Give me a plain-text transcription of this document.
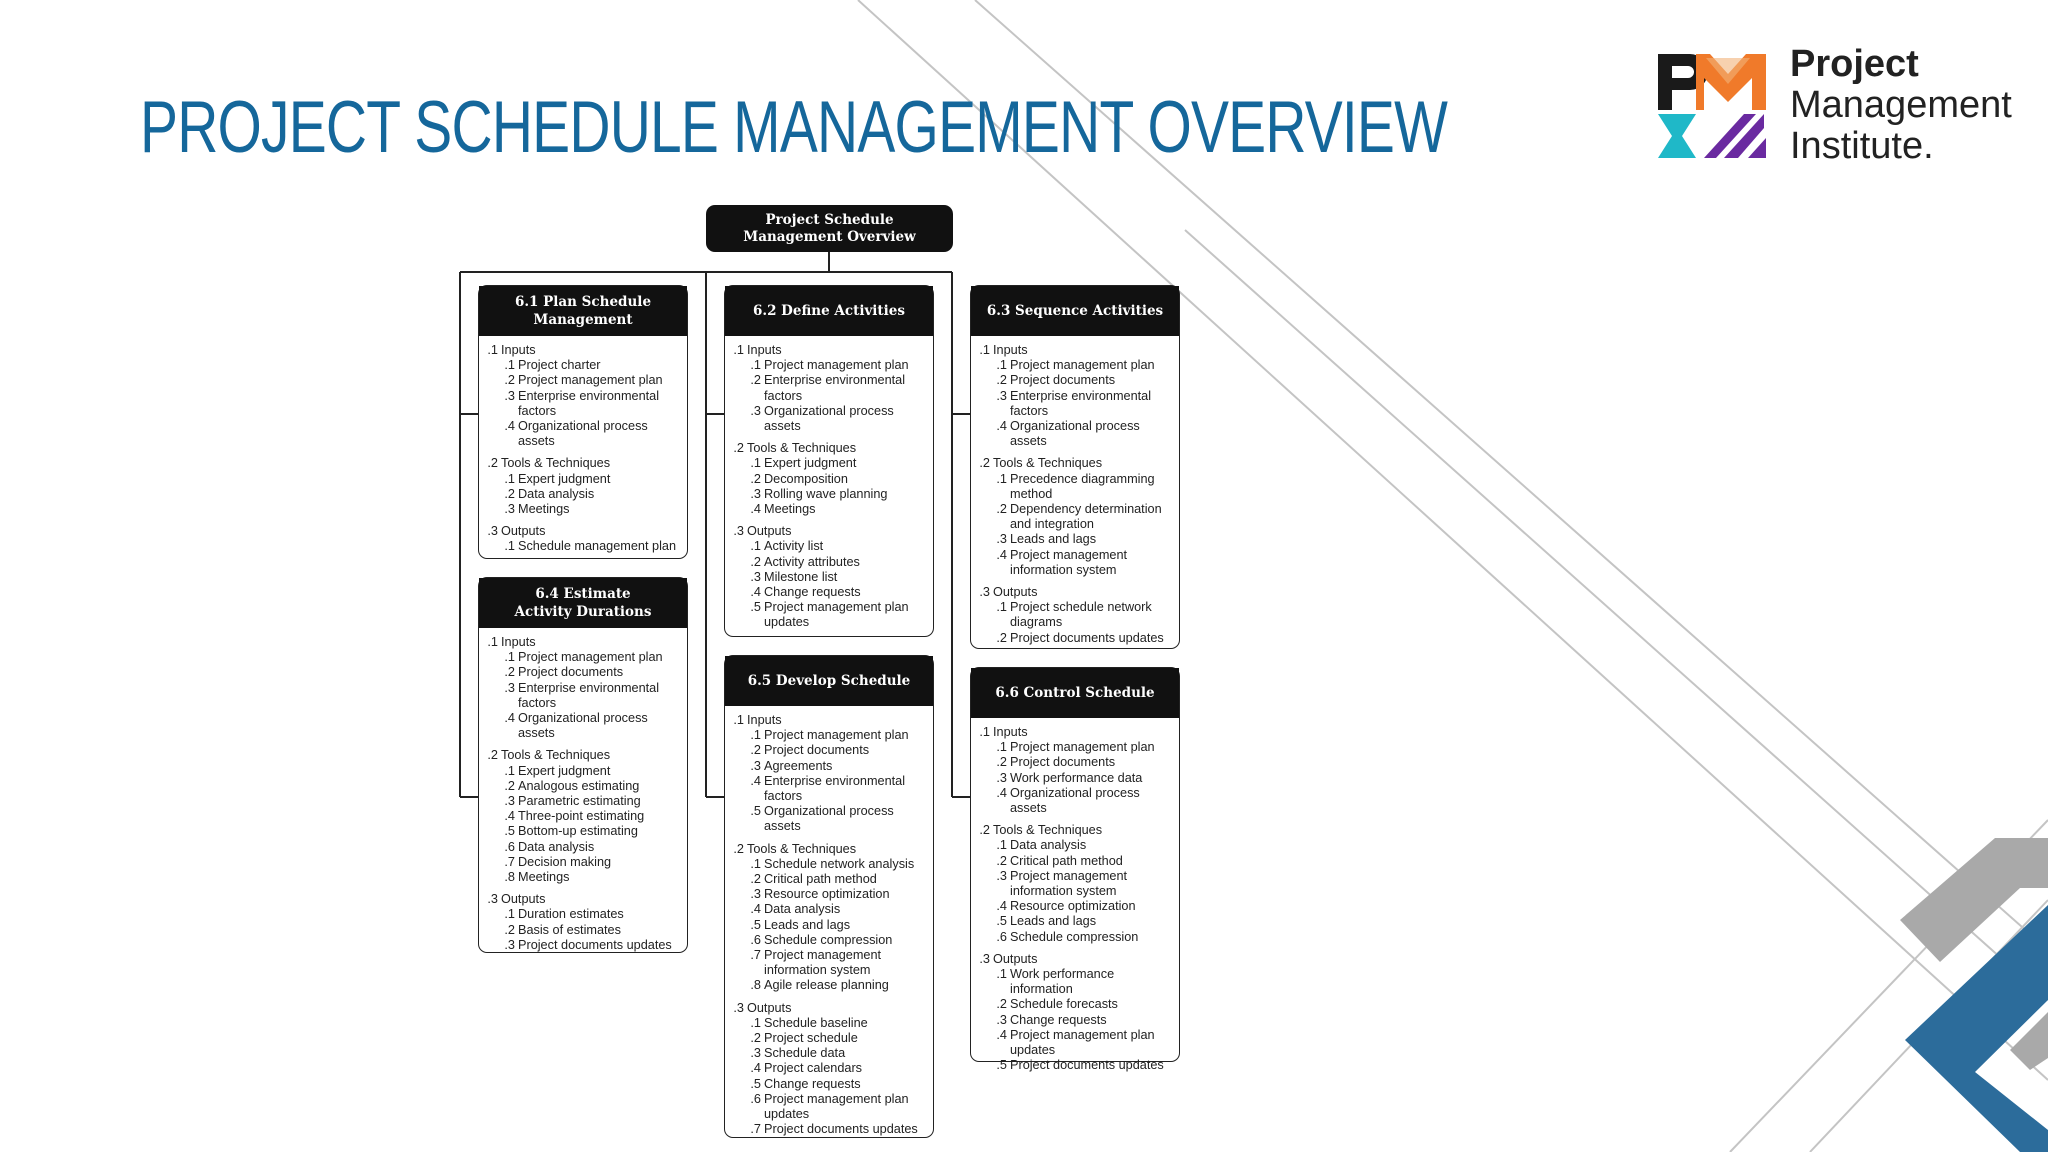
PROJECT SCHEDULE MANAGEMENT OVERVIEW
Project
Management
Institute.
Project Schedule
Management Overview
6.1 Plan Schedule
Management
.1 Inputs
.1 Project charter
.2 Project management plan
.3 Enterprise environmental
factors
.4 Organizational process assets
.2 Tools & Techniques
.1 Expert judgment
.2 Data analysis
.3 Meetings
.3 Outputs
.1 Schedule management plan
6.2 Define Activities
.1 Inputs
.1 Project management plan
.2 Enterprise environmental
factors
.3 Organizational process assets
.2 Tools & Techniques
.1 Expert judgment
.2 Decomposition
.3 Rolling wave planning
.4 Meetings
.3 Outputs
.1 Activity list
.2 Activity attributes
.3 Milestone list
.4 Change requests
.5 Project management plan
updates
6.3 Sequence Activities
.1 Inputs
.1 Project management plan
.2 Project documents
.3 Enterprise environmental
factors
.4 Organizational process assets
.2 Tools & Techniques
.1 Precedence diagramming
method
.2 Dependency determination
and integration
.3 Leads and lags
.4 Project management
information system
.3 Outputs
.1 Project schedule network
diagrams
.2 Project documents updates
6.4 Estimate
Activity Durations
.1 Inputs
.1 Project management plan
.2 Project documents
.3 Enterprise environmental
factors
.4 Organizational process assets
.2 Tools & Techniques
.1 Expert judgment
.2 Analogous estimating
.3 Parametric estimating
.4 Three-point estimating
.5 Bottom-up estimating
.6 Data analysis
.7 Decision making
.8 Meetings
.3 Outputs
.1 Duration estimates
.2 Basis of estimates
.3 Project documents updates
6.5 Develop Schedule
.1 Inputs
.1 Project management plan
.2 Project documents
.3 Agreements
.4 Enterprise environmental
factors
.5 Organizational process assets
.2 Tools & Techniques
.1 Schedule network analysis
.2 Critical path method
.3 Resource optimization
.4 Data analysis
.5 Leads and lags
.6 Schedule compression
.7 Project management
information system
.8 Agile release planning
.3 Outputs
.1 Schedule baseline
.2 Project schedule
.3 Schedule data
.4 Project calendars
.5 Change requests
.6 Project management plan
updates
.7 Project documents updates
6.6 Control Schedule
.1 Inputs
.1 Project management plan
.2 Project documents
.3 Work performance data
.4 Organizational process assets
.2 Tools & Techniques
.1 Data analysis
.2 Critical path method
.3 Project management
information system
.4 Resource optimization
.5 Leads and lags
.6 Schedule compression
.3 Outputs
.1 Work performance information
.2 Schedule forecasts
.3 Change requests
.4 Project management plan
updates
.5 Project documents updates
